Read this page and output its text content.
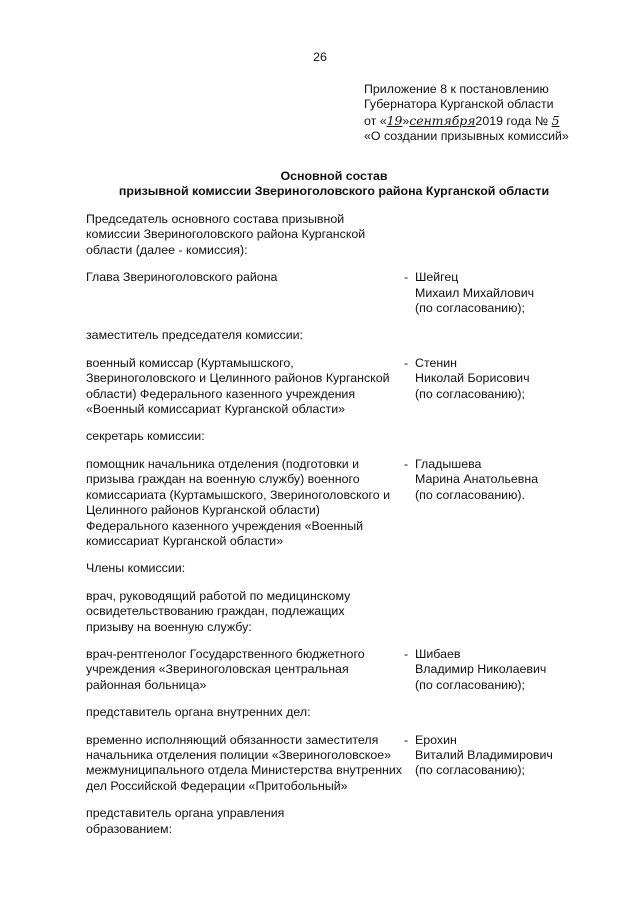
26
Приложение 8 к постановлению
Губернатора Курганской области
от «19»сентября2019 года № 5
«О создании призывных комиссий»
Основной состав
призывной комиссии Звериноголовского района Курганской области
Председатель основного состава призывной комиссии Звериноголовского района Курганской области (далее - комиссия):
Глава Звериноголовского района	- Шейгец
Михаил Михайлович
(по согласованию);
заместитель председателя комиссии:
военный комиссар (Куртамышского, Звериноголовского и Целинного районов Курганской области) Федерального казенного учреждения «Военный комиссариат Курганской области»
- Стенин
Николай Борисович
(по согласованию);
секретарь комиссии:
помощник начальника отделения (подготовки и призыва граждан на военную службу) военного комиссариата (Куртамышского, Звериноголовского и Целинного районов Курганской области) Федерального казенного учреждения «Военный комиссариат Курганской области»
- Гладышева
Марина Анатольевна
(по согласованию).
Члены комиссии:
врач, руководящий работой по медицинскому освидетельствованию граждан, подлежащих призыву на военную службу:
врач-рентгенолог Государственного бюджетного учреждения «Звериноголовская центральная районная больница»
- Шибаев
Владимир Николаевич
(по согласованию);
представитель органа внутренних дел:
временно исполняющий обязанности заместителя начальника отделения полиции «Звериноголовское» межмуниципального отдела Министерства внутренних дел Российской Федерации «Притобольный»
- Ерохин
Виталий Владимирович
(по согласованию);
представитель органа управления образованием:
